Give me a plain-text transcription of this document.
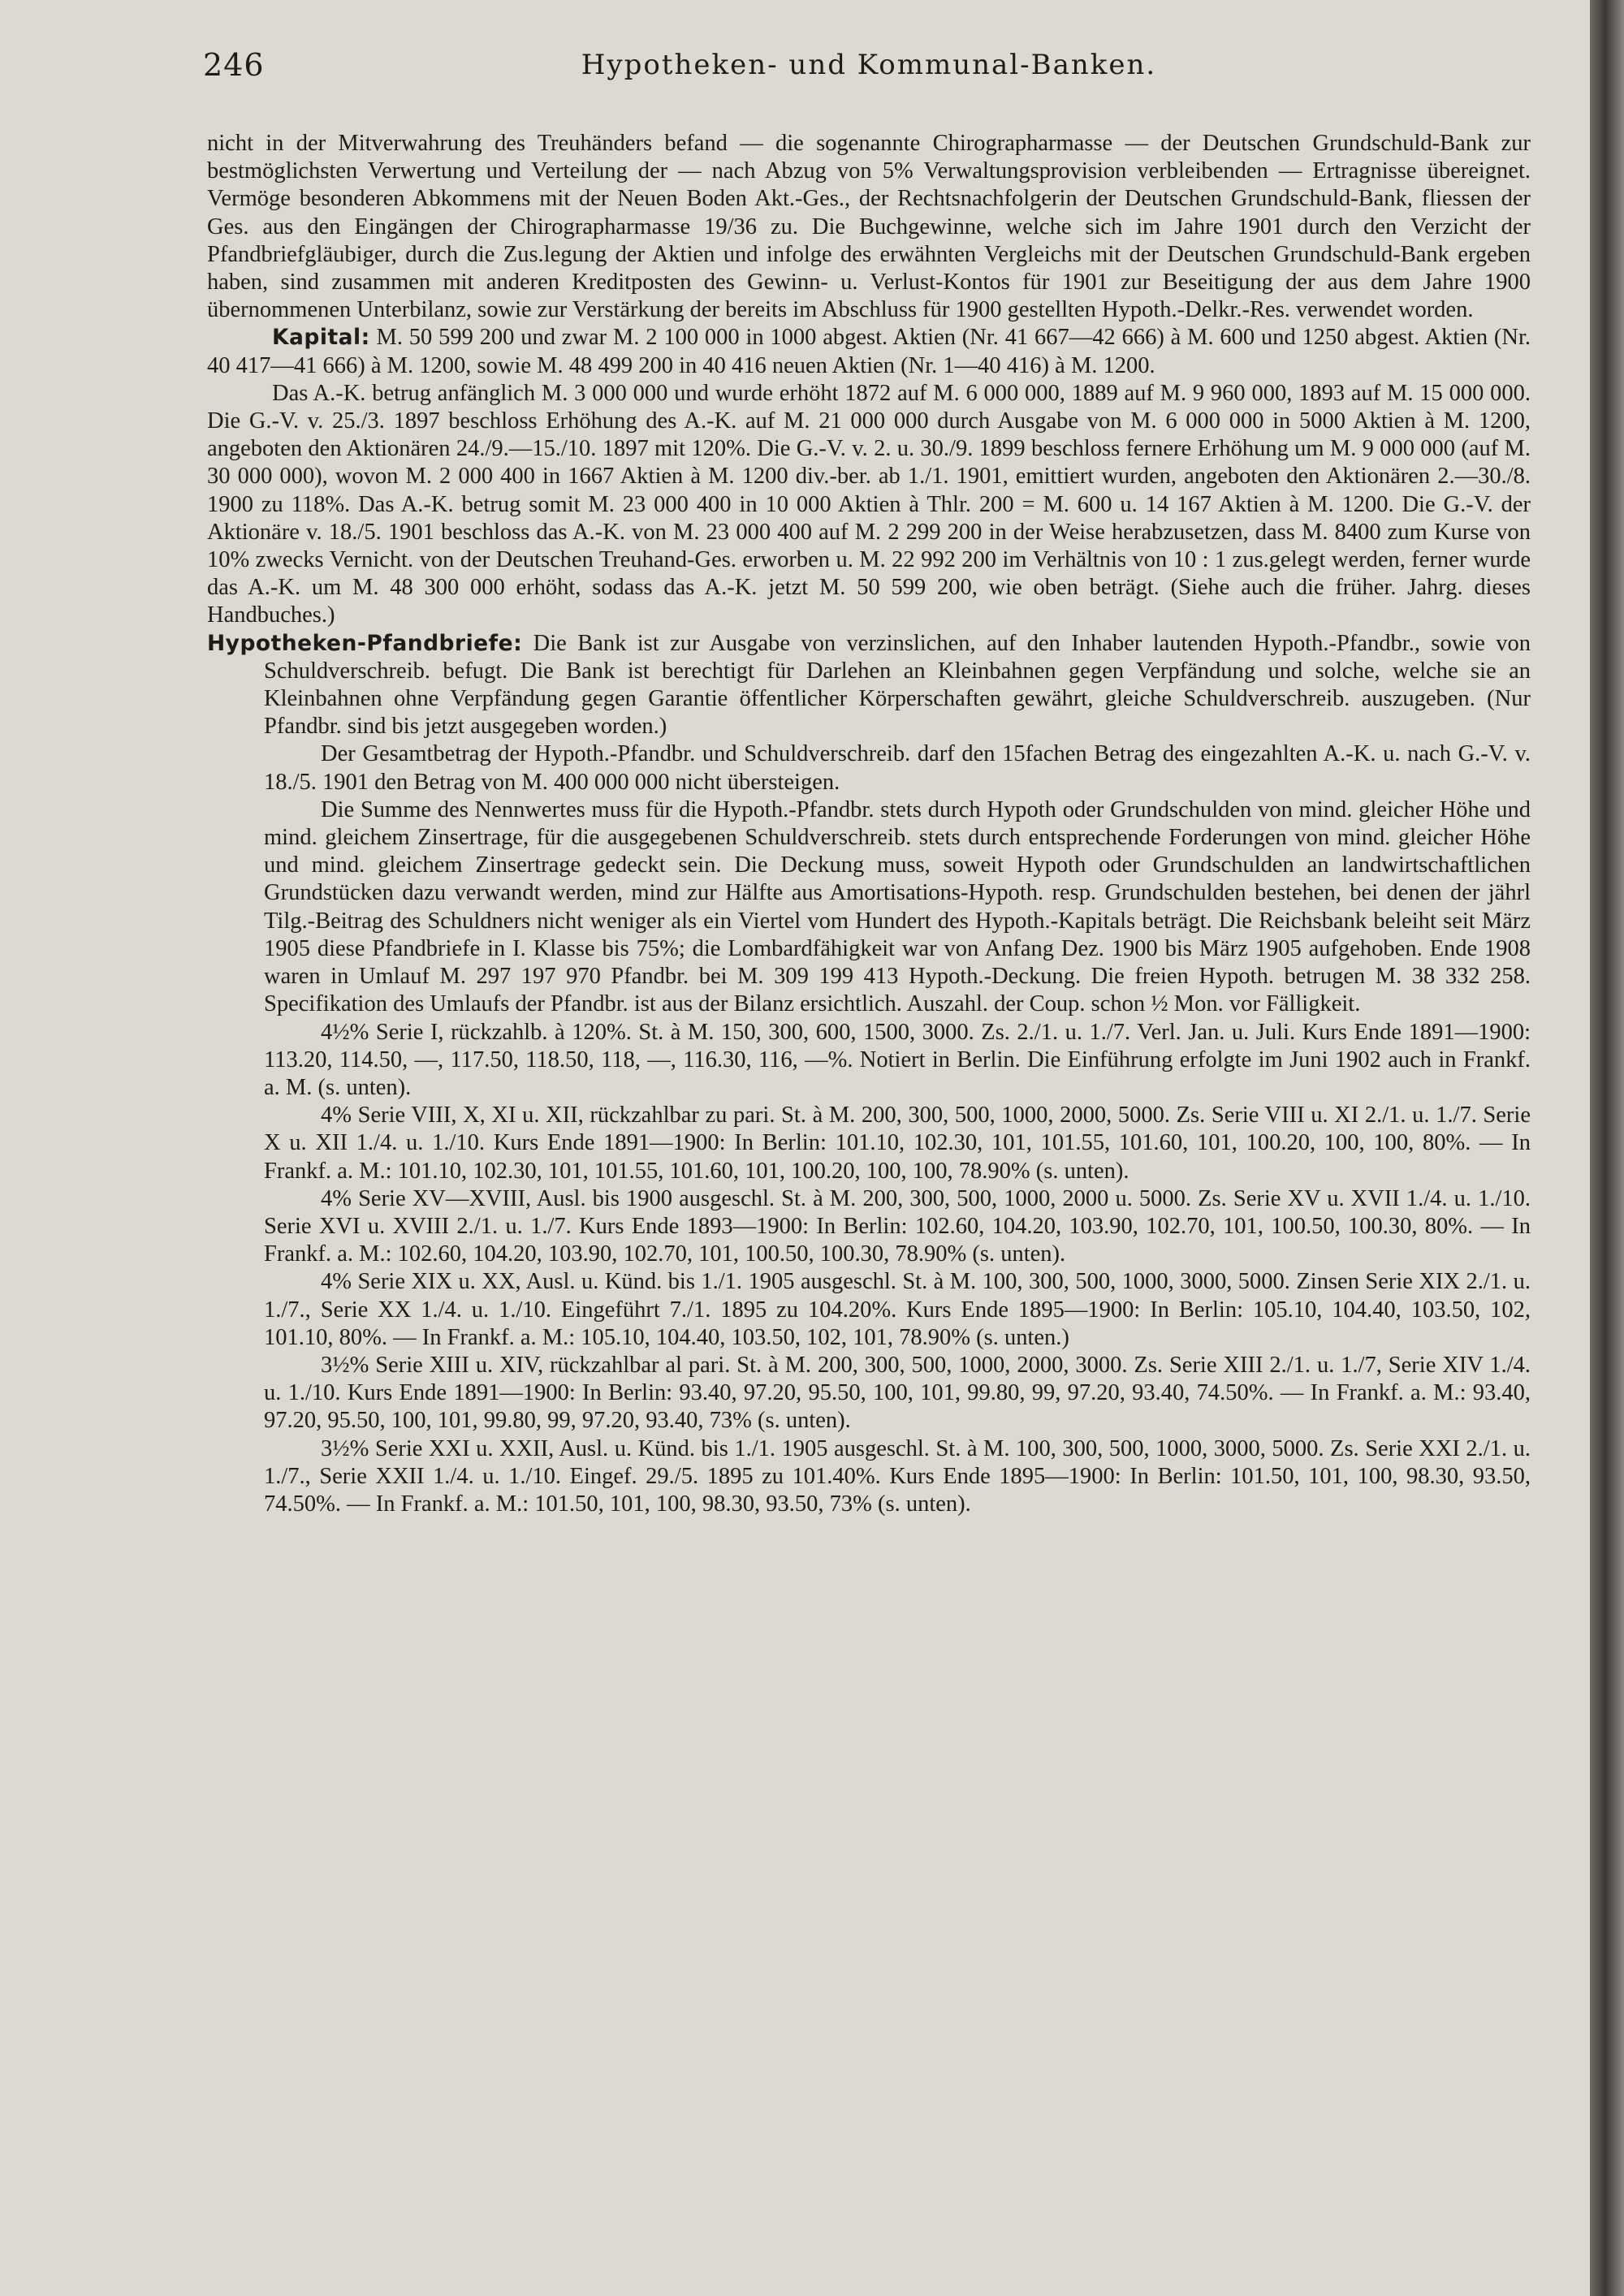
246	Hypotheken- und Kommunal-Banken.

nicht in der Mitverwahrung des Treuhänders befand — die sogenannte Chirographarmasse — der Deutschen Grundschuld-Bank zur bestmöglichsten Verwertung und Verteilung der — nach Abzug von 5% Verwaltungsprovision verbleibenden — Ertragnisse übereignet. Vermöge besonderen Abkommens mit der Neuen Boden Akt.-Ges., der Rechtsnachfolgerin der Deutschen Grundschuld-Bank, fliessen der Ges. aus den Eingängen der Chirographarmasse 19/36 zu. Die Buchgewinne, welche sich im Jahre 1901 durch den Verzicht der Pfandbriefgläubiger, durch die Zus.legung der Aktien und infolge des erwähnten Vergleichs mit der Deutschen Grundschuld-Bank ergeben haben, sind zusammen mit anderen Kreditposten des Gewinn- u. Verlust-Kontos für 1901 zur Beseitigung der aus dem Jahre 1900 übernommenen Unterbilanz, sowie zur Verstärkung der bereits im Abschluss für 1900 gestellten Hypoth.-Delkr.-Res. verwendet worden.

Kapital: M. 50 599 200 und zwar M. 2 100 000 in 1000 abgest. Aktien (Nr. 41 667—42 666) à M. 600 und 1250 abgest. Aktien (Nr. 40 417—41 666) à M. 1200, sowie M. 48 499 200 in 40 416 neuen Aktien (Nr. 1—40 416) à M. 1200.

Das A.-K. betrug anfänglich M. 3 000 000 und wurde erhöht 1872 auf M. 6 000 000, 1889 auf M. 9 960 000, 1893 auf M. 15 000 000. Die G.-V. v. 25./3. 1897 beschloss Erhöhung des A.-K. auf M. 21 000 000 durch Ausgabe von M. 6 000 000 in 5000 Aktien à M. 1200, angeboten den Aktionären 24./9.—15./10. 1897 mit 120%. Die G.-V. v. 2. u. 30./9. 1899 beschloss fernere Erhöhung um M. 9 000 000 (auf M. 30 000 000), wovon M. 2 000 400 in 1667 Aktien à M. 1200 div.-ber. ab 1./1. 1901, emittiert wurden, angeboten den Aktionären 2.—30./8. 1900 zu 118%. Das A.-K. betrug somit M. 23 000 400 in 10 000 Aktien à Thlr. 200 = M. 600 u. 14 167 Aktien à M. 1200. Die G.-V. der Aktionäre v. 18./5. 1901 beschloss das A.-K. von M. 23 000 400 auf M. 2 299 200 in der Weise herabzusetzen, dass M. 8400 zum Kurse von 10% zwecks Vernicht. von der Deutschen Treuhand-Ges. erworben u. M. 22 992 200 im Verhältnis von 10 : 1 zus.gelegt werden, ferner wurde das A.-K. um M. 48 300 000 erhöht, sodass das A.-K. jetzt M. 50 599 200, wie oben beträgt. (Siehe auch die früher. Jahrg. dieses Handbuches.)

Hypotheken-Pfandbriefe: Die Bank ist zur Ausgabe von verzinslichen, auf den Inhaber lautenden Hypoth.-Pfandbr., sowie von Schuldverschreib. befugt. Die Bank ist berechtigt für Darlehen an Kleinbahnen gegen Verpfändung und solche, welche sie an Kleinbahnen ohne Verpfändung gegen Garantie öffentlicher Körperschaften gewährt, gleiche Schuldverschreib. auszugeben. (Nur Pfandbr. sind bis jetzt ausgegeben worden.)

Der Gesamtbetrag der Hypoth.-Pfandbr. und Schuldverschreib. darf den 15fachen Betrag des eingezahlten A.-K. u. nach G.-V. v. 18./5. 1901 den Betrag von M. 400 000 000 nicht übersteigen.

Die Summe des Nennwertes muss für die Hypoth.-Pfandbr. stets durch Hypoth oder Grundschulden von mind. gleicher Höhe und mind. gleichem Zinsertrage, für die ausgegebenen Schuldverschreib. stets durch entsprechende Forderungen von mind. gleicher Höhe und mind. gleichem Zinsertrage gedeckt sein. Die Deckung muss, soweit Hypoth oder Grundschulden an landwirtschaftlichen Grundstücken dazu verwandt werden, mind zur Hälfte aus Amortisations-Hypoth. resp. Grundschulden bestehen, bei denen der jährl Tilg.-Beitrag des Schuldners nicht weniger als ein Viertel vom Hundert des Hypoth.-Kapitals beträgt. Die Reichsbank beleiht seit März 1905 diese Pfandbriefe in I. Klasse bis 75%; die Lombardfähigkeit war von Anfang Dez. 1900 bis März 1905 aufgehoben. Ende 1908 waren in Umlauf M. 297 197 970 Pfandbr. bei M. 309 199 413 Hypoth.-Deckung. Die freien Hypoth. betrugen M. 38 332 258. Specifikation des Umlaufs der Pfandbr. ist aus der Bilanz ersichtlich. Auszahl. der Coup. schon ½ Mon. vor Fälligkeit.

4½% Serie I, rückzahlb. à 120%. St. à M. 150, 300, 600, 1500, 3000. Zs. 2./1. u. 1./7. Verl. Jan. u. Juli. Kurs Ende 1891—1900: 113.20, 114.50, —, 117.50, 118.50, 118, —, 116.30, 116, —%. Notiert in Berlin. Die Einführung erfolgte im Juni 1902 auch in Frankf. a. M. (s. unten).

4% Serie VIII, X, XI u. XII, rückzahlbar zu pari. St. à M. 200, 300, 500, 1000, 2000, 5000. Zs. Serie VIII u. XI 2./1. u. 1./7. Serie X u. XII 1./4. u. 1./10. Kurs Ende 1891—1900: In Berlin: 101.10, 102.30, 101, 101.55, 101.60, 101, 100.20, 100, 100, 80%. — In Frankf. a. M.: 101.10, 102.30, 101, 101.55, 101.60, 101, 100.20, 100, 100, 78.90% (s. unten).

4% Serie XV—XVIII, Ausl. bis 1900 ausgeschl. St. à M. 200, 300, 500, 1000, 2000 u. 5000. Zs. Serie XV u. XVII 1./4. u. 1./10. Serie XVI u. XVIII 2./1. u. 1./7. Kurs Ende 1893—1900: In Berlin: 102.60, 104.20, 103.90, 102.70, 101, 100.50, 100.30, 80%. — In Frankf. a. M.: 102.60, 104.20, 103.90, 102.70, 101, 100.50, 100.30, 78.90% (s. unten).

4% Serie XIX u. XX, Ausl. u. Künd. bis 1./1. 1905 ausgeschl. St. à M. 100, 300, 500, 1000, 3000, 5000. Zinsen Serie XIX 2./1. u. 1./7., Serie XX 1./4. u. 1./10. Eingeführt 7./1. 1895 zu 104.20%. Kurs Ende 1895—1900: In Berlin: 105.10, 104.40, 103.50, 102, 101.10, 80%. — In Frankf. a. M.: 105.10, 104.40, 103.50, 102, 101, 78.90% (s. unten.)

3½% Serie XIII u. XIV, rückzahlbar al pari. St. à M. 200, 300, 500, 1000, 2000, 3000. Zs. Serie XIII 2./1. u. 1./7, Serie XIV 1./4. u. 1./10. Kurs Ende 1891—1900: In Berlin: 93.40, 97.20, 95.50, 100, 101, 99.80, 99, 97.20, 93.40, 74.50%. — In Frankf. a. M.: 93.40, 97.20, 95.50, 100, 101, 99.80, 99, 97.20, 93.40, 73% (s. unten).

3½% Serie XXI u. XXII, Ausl. u. Künd. bis 1./1. 1905 ausgeschl. St. à M. 100, 300, 500, 1000, 3000, 5000. Zs. Serie XXI 2./1. u. 1./7., Serie XXII 1./4. u. 1./10. Eingef. 29./5. 1895 zu 101.40%. Kurs Ende 1895—1900: In Berlin: 101.50, 101, 100, 98.30, 93.50, 74.50%. — In Frankf. a. M.: 101.50, 101, 100, 98.30, 93.50, 73% (s. unten).
